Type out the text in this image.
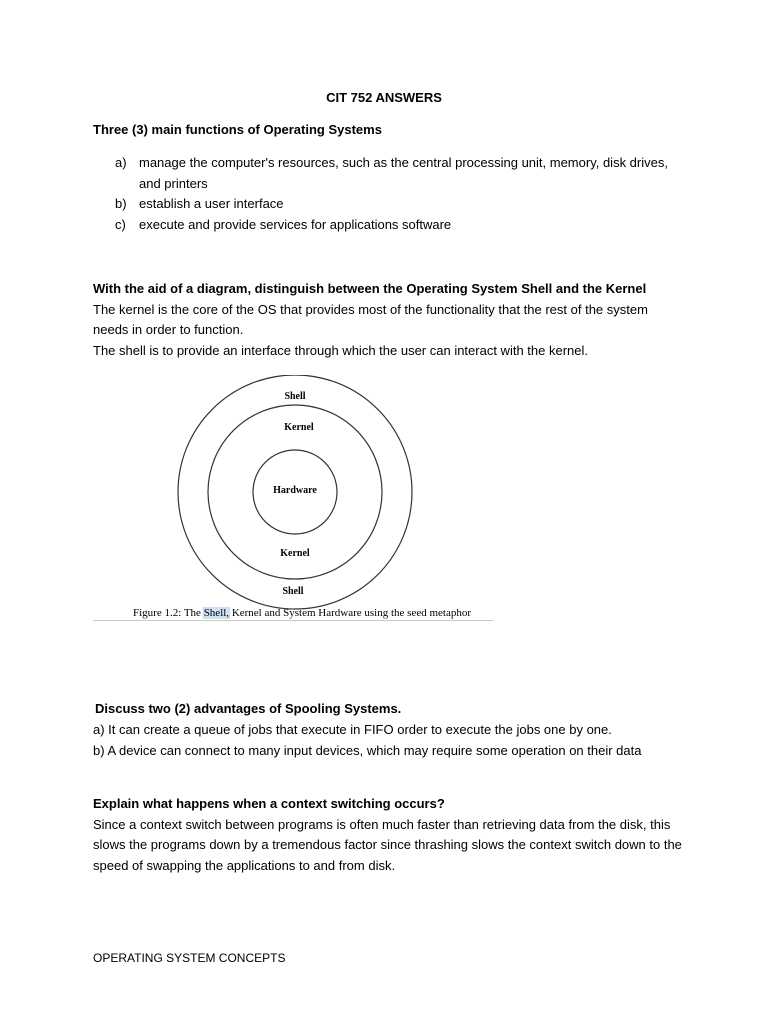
CIT 752 ANSWERS
Three (3) main functions of Operating Systems
a) manage the computer's resources, such as the central processing unit, memory, disk drives, and printers
b) establish a user interface
c)	execute and provide services for applications software
With the aid of a diagram, distinguish between the Operating System Shell and the Kernel
The kernel is the core of the OS that provides most of the functionality that the rest of the system needs in order to function.
The shell is to provide an interface through which the user can interact with the kernel.
Shell
Kernel
Hardware
Kernel
Shell
Figure 1.2: The Shell, Kernel and System Hardware using the seed metaphor
Discuss two (2) advantages of Spooling Systems.
a) It can create a queue of jobs that execute in FIFO order to execute the jobs one by one.
b) A device can connect to many input devices, which may require some operation on their data
Explain what happens when a context switching occurs?
Since a context switch between programs is often much faster than retrieving data from the disk, this slows the programs down by a tremendous factor since thrashing slows the context switch down to the speed of swapping the applications to and from disk.
OPERATING SYSTEM CONCEPTS
